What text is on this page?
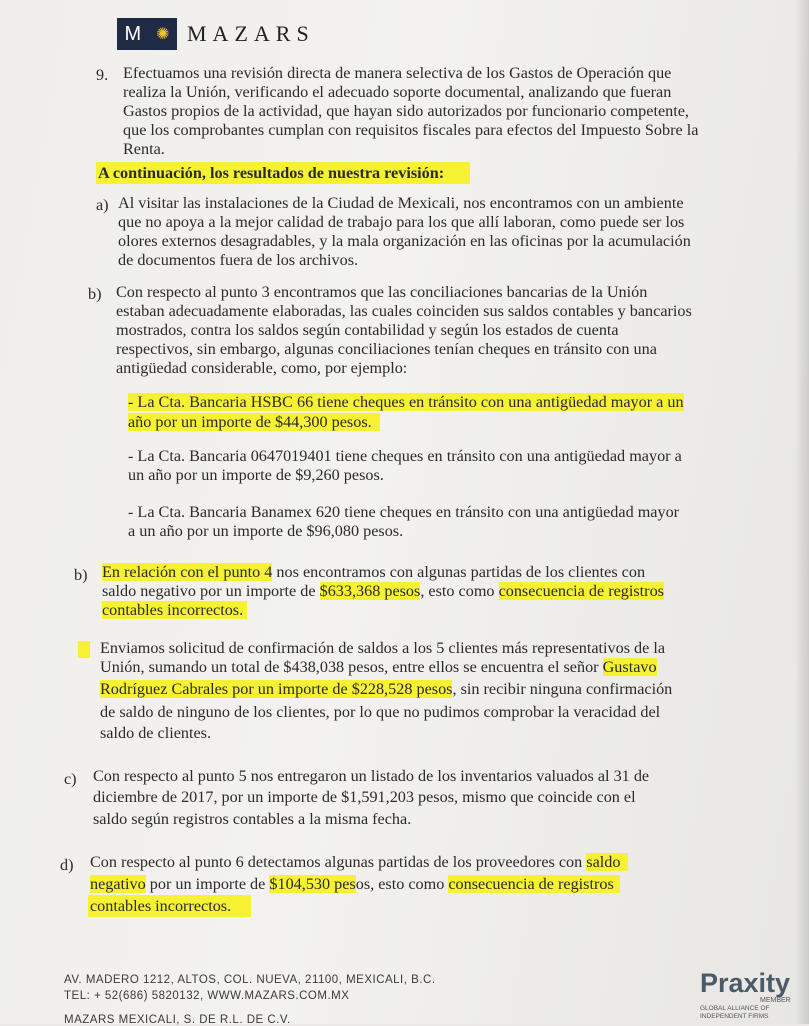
M ✺ MAZARS
9. Efectuamos una revisión directa de manera selectiva de los Gastos de Operación que
realiza la Unión, verificando el adecuado soporte documental, analizando que fueran
Gastos propios de la actividad, que hayan sido autorizados por funcionario competente,
que los comprobantes cumplan con requisitos fiscales para efectos del Impuesto Sobre la
Renta.
A continuación, los resultados de nuestra revisión:
a) Al visitar las instalaciones de la Ciudad de Mexicali, nos encontramos con un ambiente
que no apoya a la mejor calidad de trabajo para los que allí laboran, como puede ser los
olores externos desagradables, y la mala organización en las oficinas por la acumulación
de documentos fuera de los archivos.
b) Con respecto al punto 3 encontramos que las conciliaciones bancarias de la Unión
estaban adecuadamente elaboradas, las cuales coinciden sus saldos contables y bancarios
mostrados, contra los saldos según contabilidad y según los estados de cuenta
respectivos, sin embargo, algunas conciliaciones tenían cheques en tránsito con una
antigüedad considerable, como, por ejemplo:
- La Cta. Bancaria HSBC 66 tiene cheques en tránsito con una antigüedad mayor a un
año por un importe de $44,300 pesos.
- La Cta. Bancaria 0647019401 tiene cheques en tránsito con una antigüedad mayor a
un año por un importe de $9,260 pesos.
- La Cta. Bancaria Banamex 620 tiene cheques en tránsito con una antigüedad mayor
a un año por un importe de $96,080 pesos.
b) En relación con el punto 4 nos encontramos con algunas partidas de los clientes con
saldo negativo por un importe de $633,368 pesos, esto como consecuencia de registros
contables incorrectos.
Enviamos solicitud de confirmación de saldos a los 5 clientes más representativos de la
Unión, sumando un total de $438,038 pesos, entre ellos se encuentra el señor Gustavo
Rodríguez Cabrales por un importe de $228,528 pesos, sin recibir ninguna confirmación
de saldo de ninguno de los clientes, por lo que no pudimos comprobar la veracidad del
saldo de clientes.
c) Con respecto al punto 5 nos entregaron un listado de los inventarios valuados al 31 de
diciembre de 2017, por un importe de $1,591,203 pesos, mismo que coincide con el
saldo según registros contables a la misma fecha.
d) Con respecto al punto 6 detectamos algunas partidas de los proveedores con saldo
negativo por un importe de $104,530 pesos, esto como consecuencia de registros
contables incorrectos.
AV. MADERO 1212, ALTOS, COL. NUEVA, 21100, MEXICALI, B.C.
TEL: + 52(686) 5820132, WWW.MAZARS.COM.MX
MAZARS MEXICALI, S. DE R.L. DE C.V.
Praxity
MEMBER
GLOBAL ALLIANCE OF INDEPENDENT FIRMS
